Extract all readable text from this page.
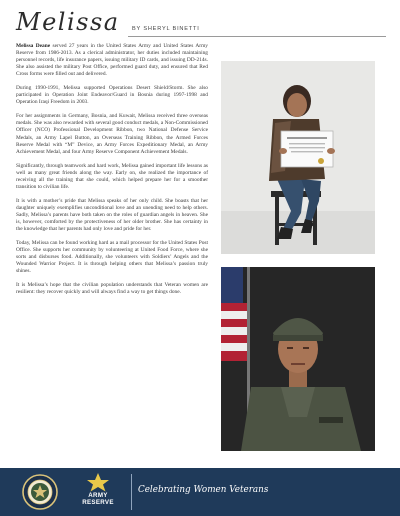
Melissa BY SHERYL BINETTI

Melissa Deane served 27 years in the United States Army and United States Army Reserve from 1986-2013. As a clerical administrator, her duties included maintaining personnel records, life insurance papers, issuing military ID cards, and issuing DD-214s. She also assisted the military Post Office, performed guard duty, and ensured that Red Cross forms were filled out and delivered.

During 1990-1991, Melissa supported Operations Desert Shield/Storm. She also participated in Operation Joint Endeavor/Guard in Bosnia during 1997-1998 and Operation Iraqi Freedom in 2003.

For her assignments in Germany, Bosnia, and Kuwait, Melissa received three overseas medals. She was also rewarded with several good conduct medals, a Non-Commissioned Officer (NCO) Professional Development Ribbon, two National Defense Service Medals, an Army Lapel Button, an Overseas Training Ribbon, the Armed Forces Reserve Medal with “M” Device, an Army Forces Expeditionary Medal, an Army Achievement Medal, and four Army Reserve Component Achievement Medals.

Significantly, through teamwork and hard work, Melissa gained important life lessons as well as many great friends along the way. Early on, she realized the importance of receiving all the training that she could, which helped prepare her for a smoother transition to civilian life.

It is with a mother’s pride that Melissa speaks of her only child. She boasts that her daughter uniquely exemplifies unconditional love and an unending need to help others. Sadly, Melissa’s parents have both taken on the roles of guardian angels in heaven. She is, however, comforted by the protectiveness of her older brother. She has certainty in the knowledge that her parents had only love and pride for her.

Today, Melissa can be found working hard as a mail processor for the United States Post Office. She supports her community by volunteering at United Food Force, where she sorts and disburses food. Additionally, she volunteers with Soldiers’ Angels and the Wounded Warrior Project. It is through helping others that Melissa’s passion truly shines.

It is Melissa’s hope that the civilian population understands that Veteran women are resilient: they recover quickly and will always find a way to get things done.

ARMY
RESERVE
Celebrating Women Veterans
